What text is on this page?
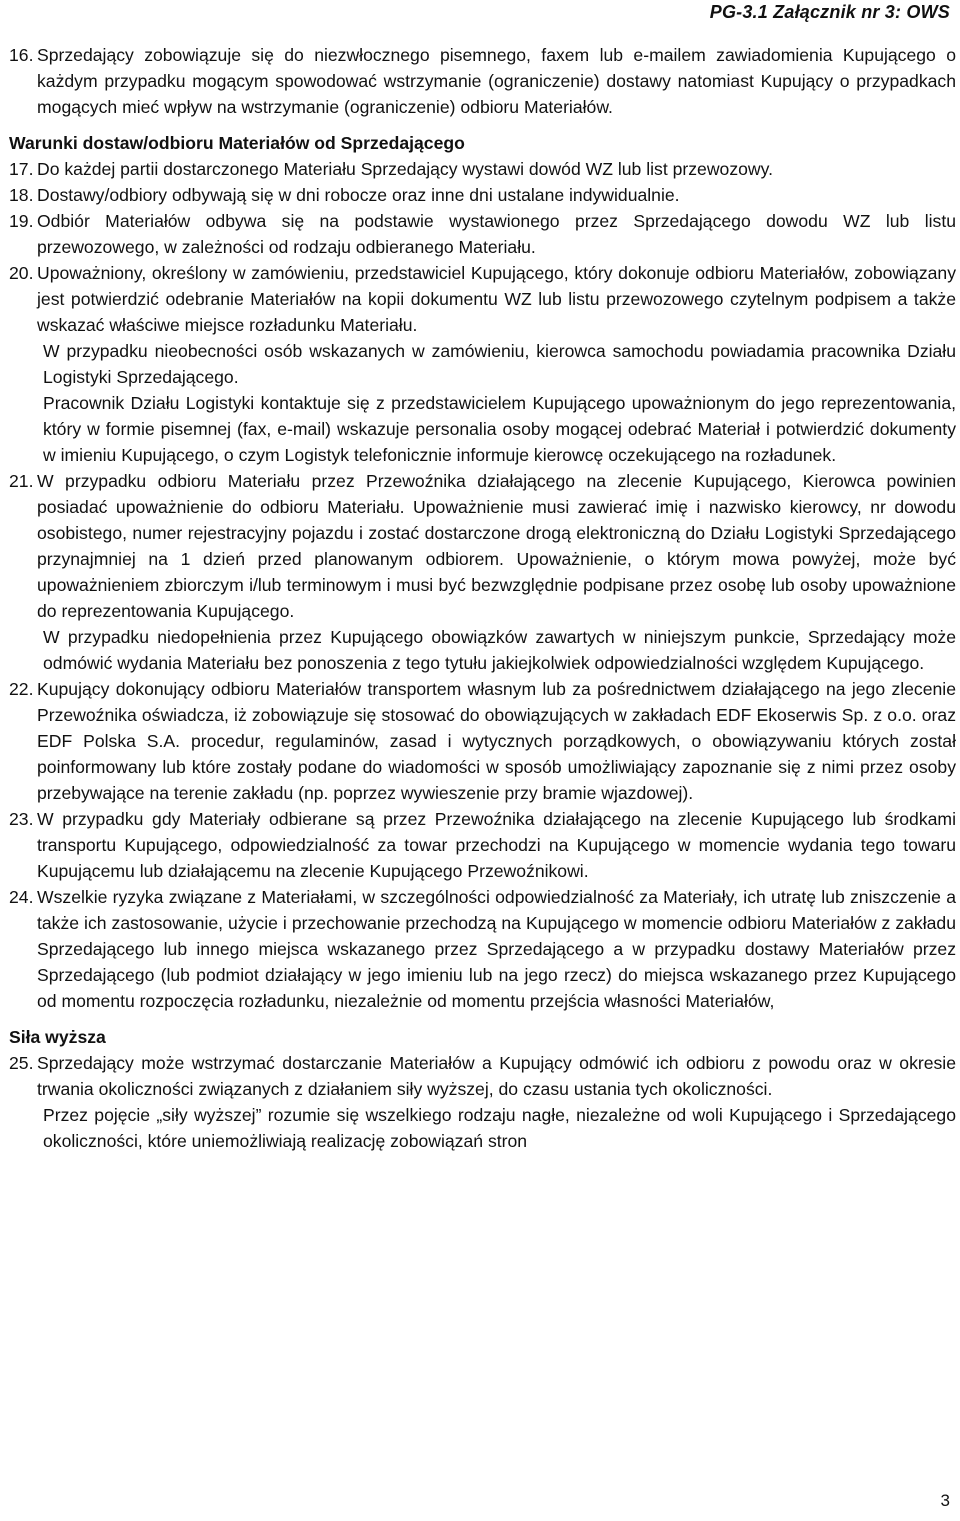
PG-3.1 Załącznik nr 3: OWS
16. Sprzedający zobowiązuje się do niezwłocznego pisemnego, faxem lub e-mailem zawiadomienia Kupującego o każdym przypadku mogącym spowodować wstrzymanie (ograniczenie) dostawy natomiast Kupujący o przypadkach mogących mieć wpływ na wstrzymanie (ograniczenie) odbioru Materiałów.
Warunki dostaw/odbioru Materiałów od Sprzedającego
17. Do każdej partii dostarczonego Materiału Sprzedający wystawi dowód WZ lub list przewozowy.
18. Dostawy/odbiory odbywają się w dni robocze oraz inne dni ustalane indywidualnie.
19. Odbiór Materiałów odbywa się na podstawie wystawionego przez Sprzedającego dowodu WZ lub listu przewozowego, w zależności od rodzaju odbieranego Materiału.
20. Upoważniony, określony w zamówieniu, przedstawiciel Kupującego, który dokonuje odbioru Materiałów, zobowiązany jest potwierdzić odebranie Materiałów na kopii dokumentu WZ lub listu przewozowego czytelnym podpisem a także wskazać właściwe miejsce rozładunku Materiału.
W przypadku nieobecności osób wskazanych w zamówieniu, kierowca samochodu powiadamia pracownika Działu Logistyki Sprzedającego.
Pracownik Działu Logistyki kontaktuje się z przedstawicielem Kupującego upoważnionym do jego reprezentowania, który w formie pisemnej (fax, e-mail) wskazuje personalia osoby mogącej odebrać Materiał i potwierdzić dokumenty w imieniu Kupującego, o czym Logistyk telefonicznie informuje kierowcę oczekującego na rozładunek.
21. W przypadku odbioru Materiału przez Przewoźnika działającego na zlecenie Kupującego, Kierowca powinien posiadać upoważnienie do odbioru Materiału. Upoważnienie musi zawierać imię i nazwisko kierowcy, nr dowodu osobistego, numer rejestracyjny pojazdu i zostać dostarczone drogą elektroniczną do Działu Logistyki Sprzedającego przynajmniej na 1 dzień przed planowanym odbiorem. Upoważnienie, o którym mowa powyżej, może być upoważnieniem zbiorczym i/lub terminowym i musi być bezwzględnie podpisane przez osobę lub osoby upoważnione do reprezentowania Kupującego.
W przypadku niedopełnienia przez Kupującego obowiązków zawartych w niniejszym punkcie, Sprzedający może odmówić wydania Materiału bez ponoszenia z tego tytułu jakiejkolwiek odpowiedzialności względem Kupującego.
22. Kupujący dokonujący odbioru Materiałów transportem własnym lub za pośrednictwem działającego na jego zlecenie Przewoźnika oświadcza, iż zobowiązuje się stosować do obowiązujących w zakładach EDF Ekoserwis Sp. z o.o. oraz EDF Polska S.A. procedur, regulaminów, zasad i wytycznych porządkowych, o obowiązywaniu których został poinformowany lub które zostały podane do wiadomości w sposób umożliwiający zapoznanie się z nimi przez osoby przebywające na terenie zakładu (np. poprzez wywieszenie przy bramie wjazdowej).
23. W przypadku gdy Materiały odbierane są przez Przewoźnika działającego na zlecenie Kupującego lub środkami transportu Kupującego, odpowiedzialność za towar przechodzi na Kupującego w momencie wydania tego towaru Kupującemu lub działającemu na zlecenie Kupującego Przewoźnikowi.
24. Wszelkie ryzyka związane z Materiałami, w szczególności odpowiedzialność za Materiały, ich utratę lub zniszczenie a także ich zastosowanie, użycie i przechowanie przechodzą na Kupującego w momencie odbioru Materiałów z zakładu Sprzedającego lub innego miejsca wskazanego przez Sprzedającego a w przypadku dostawy Materiałów przez Sprzedającego (lub podmiot działający w jego imieniu lub na jego rzecz) do miejsca wskazanego przez Kupującego od momentu rozpoczęcia rozładunku, niezależnie od momentu przejścia własności Materiałów,
Siła wyższa
25. Sprzedający może wstrzymać dostarczanie Materiałów a Kupujący odmówić ich odbioru z powodu oraz w okresie trwania okoliczności związanych z działaniem siły wyższej, do czasu ustania tych okoliczności.
Przez pojęcie „siły wyższej” rozumie się wszelkiego rodzaju nagłe, niezależne od woli Kupującego i Sprzedającego okoliczności, które uniemożliwiają realizację zobowiązań stron
3
